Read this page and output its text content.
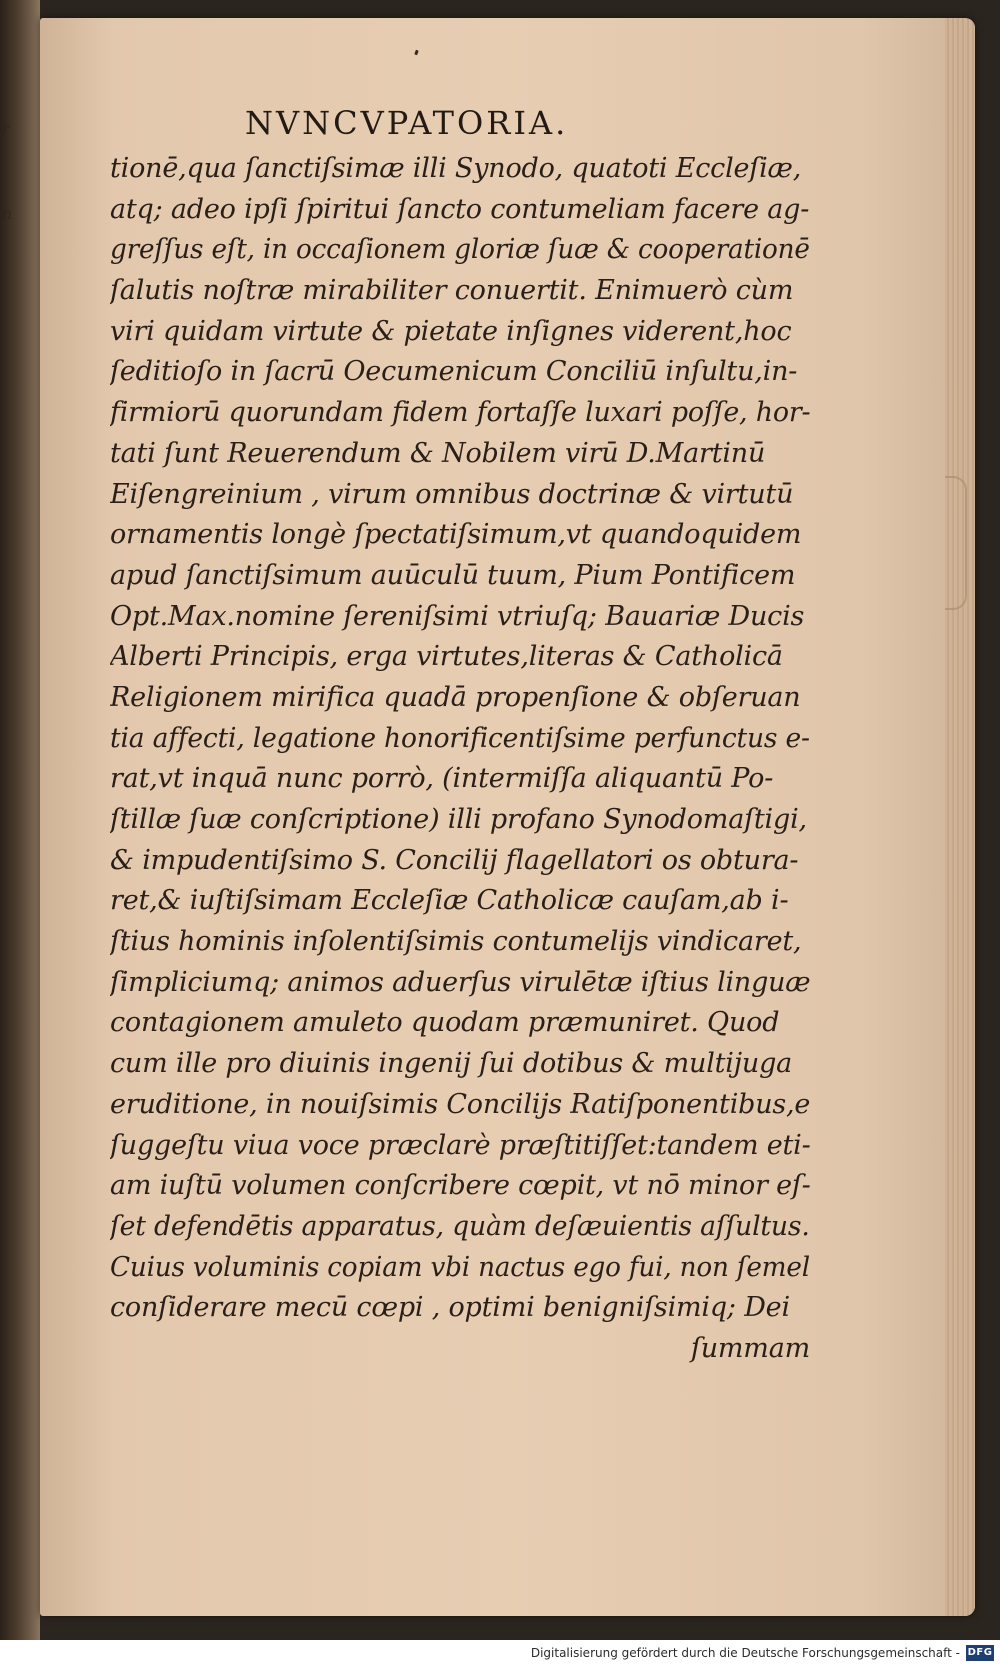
r
n
NVNCVPATORIA.
tionē,qua ſanctiſsimæ illi Synodo, quatoti Eccleſiæ,
atq; adeo ipſi ſpiritui ſancto contumeliam facere ag-
greſſus eſt, in occaſionem gloriæ ſuæ & cooperationē
ſalutis noſtræ mirabiliter conuertit. Enimuerò cùm
viri quidam virtute & pietate inſignes viderent,hoc
ſeditioſo in ſacrū Oecumenicum Conciliū inſultu,in-
firmiorū quorundam fidem fortaſſe luxari poſſe, hor-
tati ſunt Reuerendum & Nobilem virū D.Martinū
Eiſengreinium , virum omnibus doctrinæ & virtutū
ornamentis longè ſpectatiſsimum,vt quandoquidem
apud ſanctiſsimum auūculū tuum, Pium Pontificem
Opt.Max.nomine ſereniſsimi vtriuſq; Bauariæ Ducis
Alberti Principis, erga virtutes,literas & Catholicā
Religionem mirifica quadā propenſione & obſeruan
tia affecti, legatione honorificentiſsime perfunctus e-
rat,vt inquā nunc porrò, (intermiſſa aliquantū Po-
ſtillæ ſuæ conſcriptione) illi profano Synodomaſtigi,
& impudentiſsimo S. Concilij flagellatori os obtura-
ret,& iuſtiſsimam Eccleſiæ Catholicæ cauſam,ab i-
ſtius hominis inſolentiſsimis contumelijs vindicaret,
ſimpliciumq; animos aduerſus virulētæ iſtius linguæ
contagionem amuleto quodam præmuniret. Quod
cum ille pro diuinis ingenij ſui dotibus & multijuga
eruditione, in nouiſsimis Concilijs Ratiſponentibus,e
ſuggeſtu viua voce præclarè præſtitiſſet:tandem eti-
am iuſtū volumen conſcribere cœpit, vt nō minor eſ-
ſet defendētis apparatus, quàm deſæuientis aſſultus.
Cuius voluminis copiam vbi nactus ego fui, non ſemel
conſiderare mecū cœpi , optimi benigniſsimiq; Dei
ſummam
Digitalisierung gefördert durch die Deutsche Forschungsgemeinschaft - DFG
